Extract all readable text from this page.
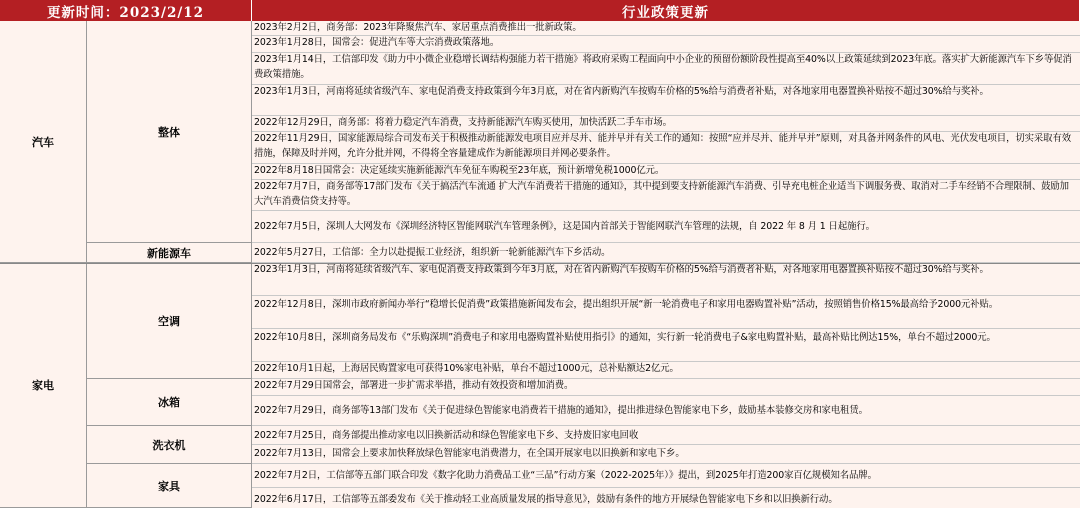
更新时间：2023/2/12	行业政策更新
汽车
家电
整体
新能源车
空调
冰箱
洗衣机
家具
2023年2月2日，商务部：2023年降聚焦汽车、家居重点消费推出一批新政策。
2023年1月28日，国常会：促进汽车等大宗消费政策落地。
2023年1月14日，工信部印发《助力中小微企业稳增长调结构强能力若干措施》将政府采购工程面向中小企业的预留份额阶段性提高至40%以上政策延续到2023年底。落实扩大新能源汽车下乡等促消费政策措施。
2023年1月3日，河南将延续省级汽车、家电促消费支持政策到今年3月底，对在省内新购汽车按购车价格的5%给与消费者补贴，对各地家用电器置换补贴按不超过30%给与奖补。
2022年12月29日，商务部：将着力稳定汽车消费，支持新能源汽车购买使用，加快活跃二手车市场。
2022年11月29日，国家能源局综合司发布关于积极推动新能源发电项目应并尽并、能并早并有关工作的通知：按照“应并尽并、能并早并”原则，对具备并网条件的风电、光伏发电项目，切实采取有效措施，保障及时并网，允许分批并网，不得将全容量建成作为新能源项目并网必要条件。
2022年8月18日国常会：决定延续实施新能源汽车免征车购税至23年底，预计新增免税1000亿元。
2022年7月7日，商务部等17部门发布《关于搞活汽车流通 扩大汽车消费若干措施的通知》，其中提到要支持新能源汽车消费、引导充电桩企业适当下调服务费、取消对二手车经销不合理限制、鼓励加大汽车消费信贷支持等。
2022年7月5日，深圳人大网发布《深圳经济特区智能网联汽车管理条例》，这是国内首部关于智能网联汽车管理的法规，自 2022 年 8 月 1 日起施行。
2022年5月27日，工信部：全力以赴提振工业经济，组织新一轮新能源汽车下乡活动。
2023年1月3日，河南将延续省级汽车、家电促消费支持政策到今年3月底，对在省内新购汽车按购车价格的5%给与消费者补贴，对各地家用电器置换补贴按不超过30%给与奖补。
2022年12月8日，深圳市政府新闻办举行“稳增长促消费”政策措施新闻发布会，提出组织开展“新一轮消费电子和家用电器购置补贴”活动，按照销售价格15%最高给予2000元补贴。
2022年10月8日，深圳商务局发布《“乐购深圳”消费电子和家用电器购置补贴使用指引》的通知，实行新一轮消费电子&家电购置补贴，最高补贴比例达15%，单台不超过2000元。
2022年10月1日起，上海居民购置家电可获得10%家电补贴，单台不超过1000元，总补贴额达2亿元。
2022年7月29日国常会，部署进一步扩需求举措，推动有效投资和增加消费。
2022年7月29日，商务部等13部门发布《关于促进绿色智能家电消费若干措施的通知》，提出推进绿色智能家电下乡，鼓励基本装修交房和家电租赁。
2022年7月25日，商务部提出推动家电以旧换新活动和绿色智能家电下乡、支持废旧家电回收
2022年7月13日，国常会上要求加快释放绿色智能家电消费潜力，在全国开展家电以旧换新和家电下乡。
2022年7月2日，工信部等五部门联合印发《数字化助力消费品工业“三品”行动方案（2022-2025年）》提出，到2025年打造200家百亿规模知名品牌。
2022年6月17日，工信部等五部委发布《关于推动轻工业高质量发展的指导意见》，鼓励有条件的地方开展绿色智能家电下乡和以旧换新行动。
